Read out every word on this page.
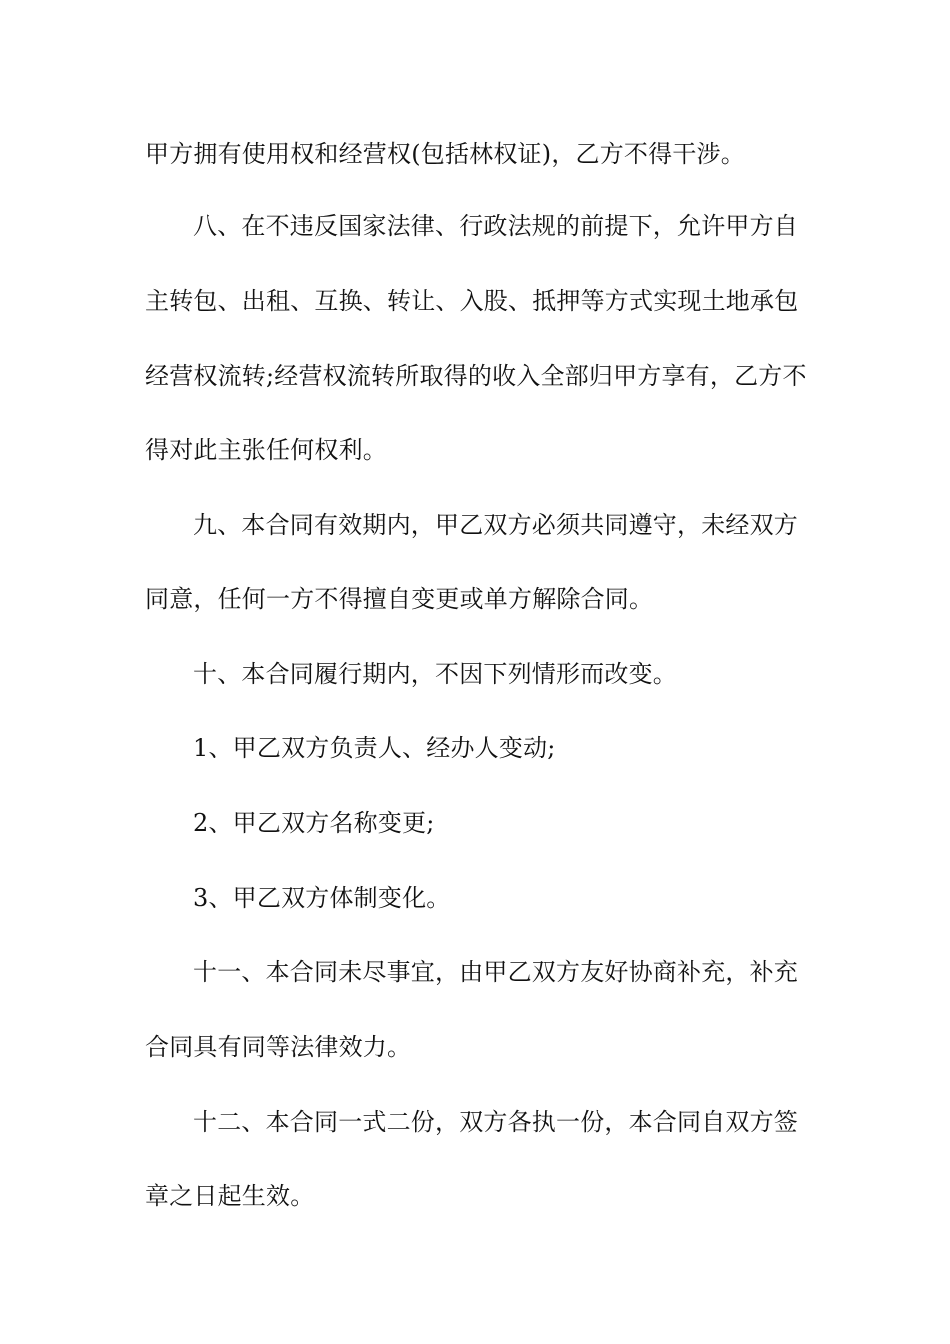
甲方拥有使用权和经营权(包括林权证)，乙方不得干涉。
八、在不违反国家法律、行政法规的前提下，允许甲方自
主转包、出租、互换、转让、入股、抵押等方式实现土地承包
经营权流转;经营权流转所取得的收入全部归甲方享有，乙方不
得对此主张任何权利。
九、本合同有效期内，甲乙双方必须共同遵守，未经双方
同意，任何一方不得擅自变更或单方解除合同。
十、本合同履行期内，不因下列情形而改变。
1、甲乙双方负责人、经办人变动;
2、甲乙双方名称变更;
3、甲乙双方体制变化。
十一、本合同未尽事宜，由甲乙双方友好协商补充，补充
合同具有同等法律效力。
十二、本合同一式二份，双方各执一份，本合同自双方签
章之日起生效。
